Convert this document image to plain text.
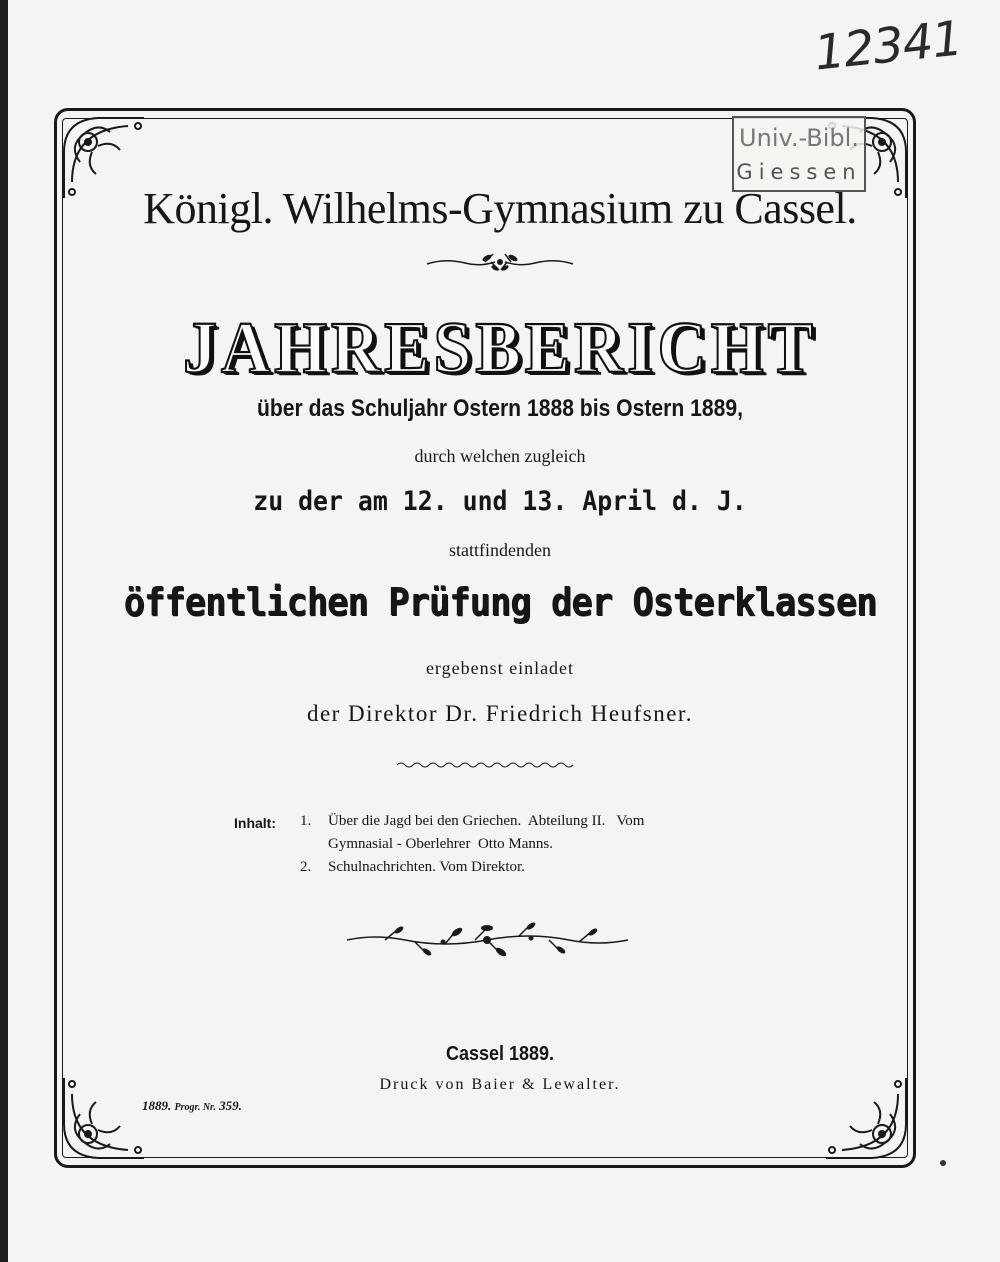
12341
Univ.-Bibl.
Giessen
Königl. Wilhelms-Gymnasium zu Cassel.
JAHRESBERICHT
über das Schuljahr Ostern 1888 bis Ostern 1889,
durch welchen zugleich
zu der am 12. und 13. April d. J.
stattfindenden
öffentlichen Prüfung der Osterklassen
ergebenst einladet
der Direktor Dr. Friedrich Heufsner.
Inhalt: 1. Über die Jagd bei den Griechen.  Abteilung II.   Vom
Gymnasial - Oberlehrer  Otto Manns.
2. Schulnachrichten. Vom Direktor.
Cassel 1889.
Druck von Baier & Lewalter.
1889. Progr. Nr. 359.
